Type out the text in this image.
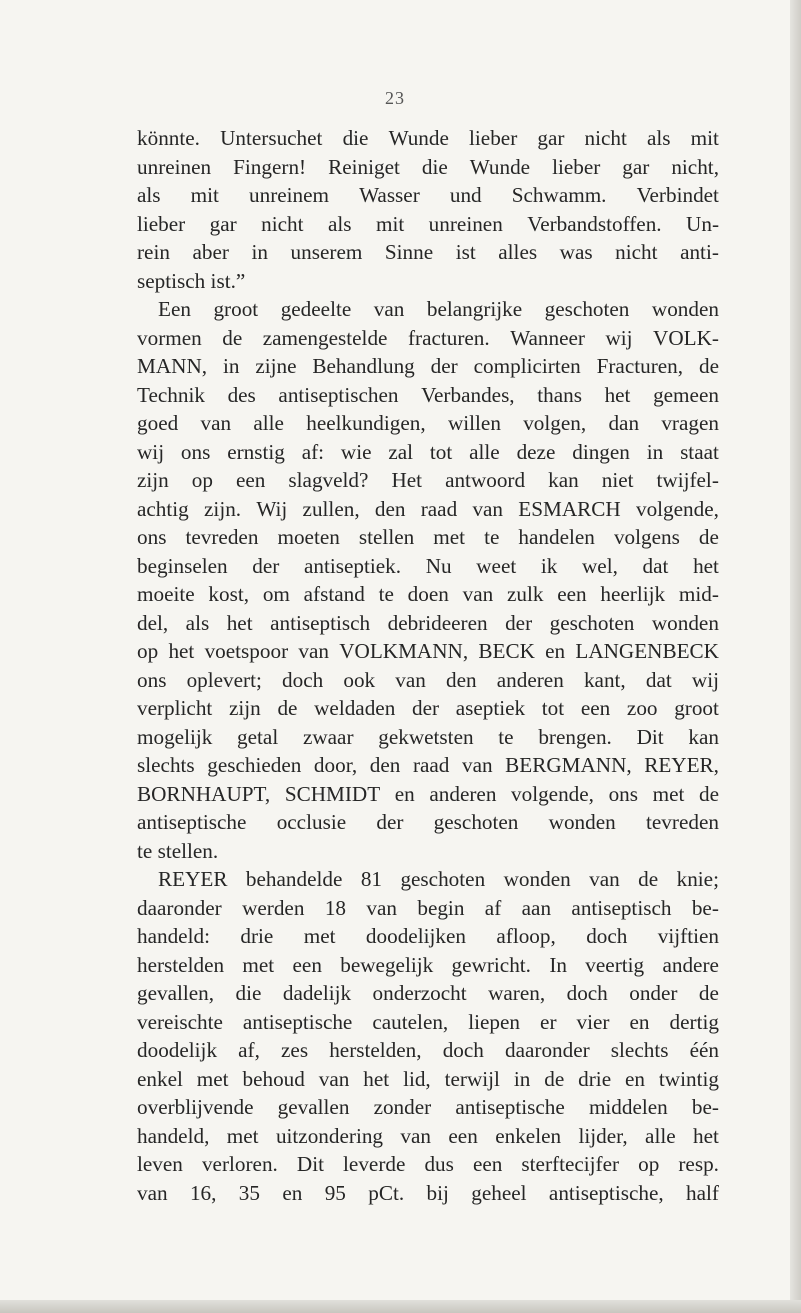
23
könnte. Untersuchet die Wunde lieber gar nicht als mit
unreinen Fingern! Reiniget die Wunde lieber gar nicht,
als mit unreinem Wasser und Schwamm. Verbindet
lieber gar nicht als mit unreinen Verbandstoffen. Un-
rein aber in unserem Sinne ist alles was nicht anti-
septisch ist.”
Een groot gedeelte van belangrijke geschoten wonden
vormen de zamengestelde fracturen. Wanneer wij VOLK-
MANN, in zijne Behandlung der complicirten Fracturen, de
Technik des antiseptischen Verbandes, thans het gemeen
goed van alle heelkundigen, willen volgen, dan vragen
wij ons ernstig af: wie zal tot alle deze dingen in staat
zijn op een slagveld? Het antwoord kan niet twijfel-
achtig zijn. Wij zullen, den raad van ESMARCH volgende,
ons tevreden moeten stellen met te handelen volgens de
beginselen der antiseptiek. Nu weet ik wel, dat het
moeite kost, om afstand te doen van zulk een heerlijk mid-
del, als het antiseptisch debrideeren der geschoten wonden
op het voetspoor van VOLKMANN, BECK en LANGENBECK
ons oplevert; doch ook van den anderen kant, dat wij
verplicht zijn de weldaden der aseptiek tot een zoo groot
mogelijk getal zwaar gekwetsten te brengen. Dit kan
slechts geschieden door, den raad van BERGMANN, REYER,
BORNHAUPT, SCHMIDT en anderen volgende, ons met de
antiseptische occlusie der geschoten wonden tevreden
te stellen.
REYER behandelde 81 geschoten wonden van de knie;
daaronder werden 18 van begin af aan antiseptisch be-
handeld: drie met doodelijken afloop, doch vijftien
herstelden met een bewegelijk gewricht. In veertig andere
gevallen, die dadelijk onderzocht waren, doch onder de
vereischte antiseptische cautelen, liepen er vier en dertig
doodelijk af, zes herstelden, doch daaronder slechts één
enkel met behoud van het lid, terwijl in de drie en twintig
overblijvende gevallen zonder antiseptische middelen be-
handeld, met uitzondering van een enkelen lijder, alle het
leven verloren. Dit leverde dus een sterftecijfer op resp.
van 16, 35 en 95 pCt. bij geheel antiseptische, half
